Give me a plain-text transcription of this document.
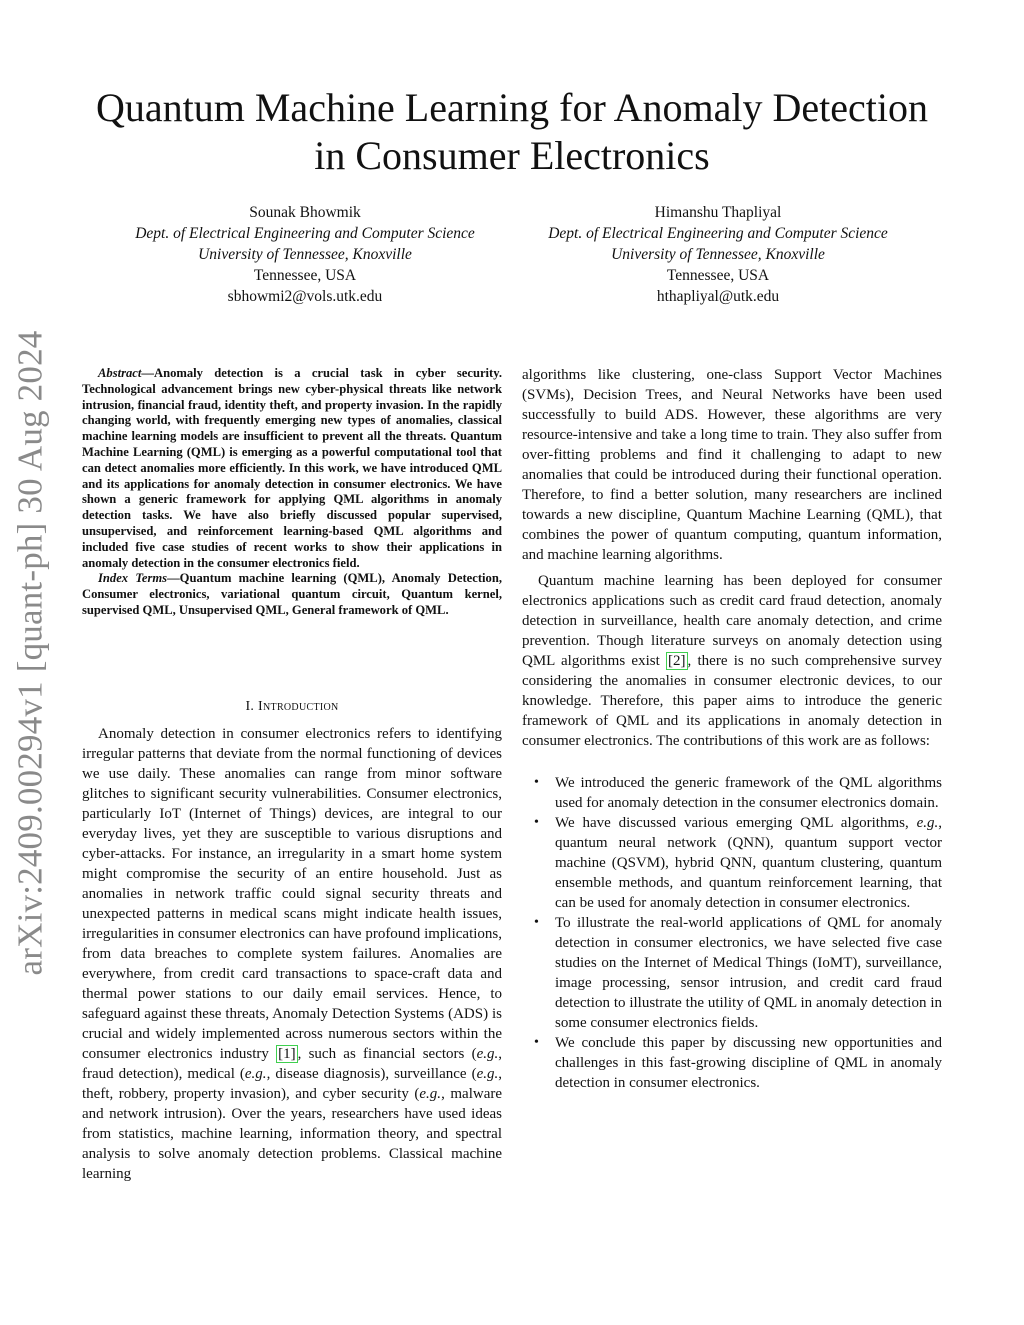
arXiv:2409.00294v1 [quant-ph] 30 Aug 2024
Quantum Machine Learning for Anomaly Detection
in Consumer Electronics
Sounak Bhowmik
Dept. of Electrical Engineering and Computer Science
University of Tennessee, Knoxville
Tennessee, USA
sbhowmi2@vols.utk.edu
Himanshu Thapliyal
Dept. of Electrical Engineering and Computer Science
University of Tennessee, Knoxville
Tennessee, USA
hthapliyal@utk.edu

Abstract—Anomaly detection is a crucial task in cyber security. Technological advancement brings new cyber-physical threats like network intrusion, financial fraud, identity theft, and property invasion. In the rapidly changing world, with frequently emerging new types of anomalies, classical machine learning models are insufficient to prevent all the threats. Quantum Machine Learning (QML) is emerging as a powerful computational tool that can detect anomalies more efficiently. In this work, we have introduced QML and its applications for anomaly detection in consumer electronics. We have shown a generic framework for applying QML algorithms in anomaly detection tasks. We have also briefly discussed popular supervised, unsupervised, and reinforcement learning-based QML algorithms and included five case studies of recent works to show their applications in anomaly detection in the consumer electronics field.

Index Terms—Quantum machine learning (QML), Anomaly Detection, Consumer electronics, variational quantum circuit, Quantum kernel, supervised QML, Unsupervised QML, General framework of QML.

I. Introduction

Anomaly detection in consumer electronics refers to identifying irregular patterns that deviate from the normal functioning of devices we use daily. These anomalies can range from minor software glitches to significant security vulnerabilities. Consumer electronics, particularly IoT (Internet of Things) devices, are integral to our everyday lives, yet they are susceptible to various disruptions and cyber-attacks. For instance, an irregularity in a smart home system might compromise the security of an entire household. Just as anomalies in network traffic could signal security threats and unexpected patterns in medical scans might indicate health issues, irregularities in consumer electronics can have profound implications, from data breaches to complete system failures. Anomalies are everywhere, from credit card transactions to space-craft data and thermal power stations to our daily email services. Hence, to safeguard against these threats, Anomaly Detection Systems (ADS) is crucial and widely implemented across numerous sectors within the consumer electronics industry [1] , such as financial sectors (e.g., fraud detection), medical (e.g., disease diagnosis), surveillance (e.g., theft, robbery, property invasion), and cyber security (e.g., malware and network intrusion). Over the years, researchers have used ideas from statistics, machine learning, information theory, and spectral analysis to solve anomaly detection problems. Classical machine learning

algorithms like clustering, one-class Support Vector Machines (SVMs), Decision Trees, and Neural Networks have been used successfully to build ADS. However, these algorithms are very resource-intensive and take a long time to train. They also suffer from over-fitting problems and find it challenging to adapt to new anomalies that could be introduced during their functional operation. Therefore, to find a better solution, many researchers are inclined towards a new discipline, Quantum Machine Learning (QML), that combines the power of quantum computing, quantum information, and machine learning algorithms.

Quantum machine learning has been deployed for consumer electronics applications such as credit card fraud detection, anomaly detection in surveillance, health care anomaly detection, and crime prevention. Though literature surveys on anomaly detection using QML algorithms exist [2] , there is no such comprehensive survey considering the anomalies in consumer electronic devices, to our knowledge. Therefore, this paper aims to introduce the generic framework of QML and its applications in anomaly detection in consumer electronics. The contributions of this work are as follows:

• We introduced the generic framework of the QML algorithms used for anomaly detection in the consumer electronics domain.
• We have discussed various emerging QML algorithms, e.g., quantum neural network (QNN), quantum support vector machine (QSVM), hybrid QNN, quantum clustering, quantum ensemble methods, and quantum reinforcement learning, that can be used for anomaly detection in consumer electronics.
• To illustrate the real-world applications of QML for anomaly detection in consumer electronics, we have selected five case studies on the Internet of Medical Things (IoMT), surveillance, image processing, sensor intrusion, and credit card fraud detection to illustrate the utility of QML in anomaly detection in some consumer electronics fields.
• We conclude this paper by discussing new opportunities and challenges in this fast-growing discipline of QML in anomaly detection in consumer electronics.
